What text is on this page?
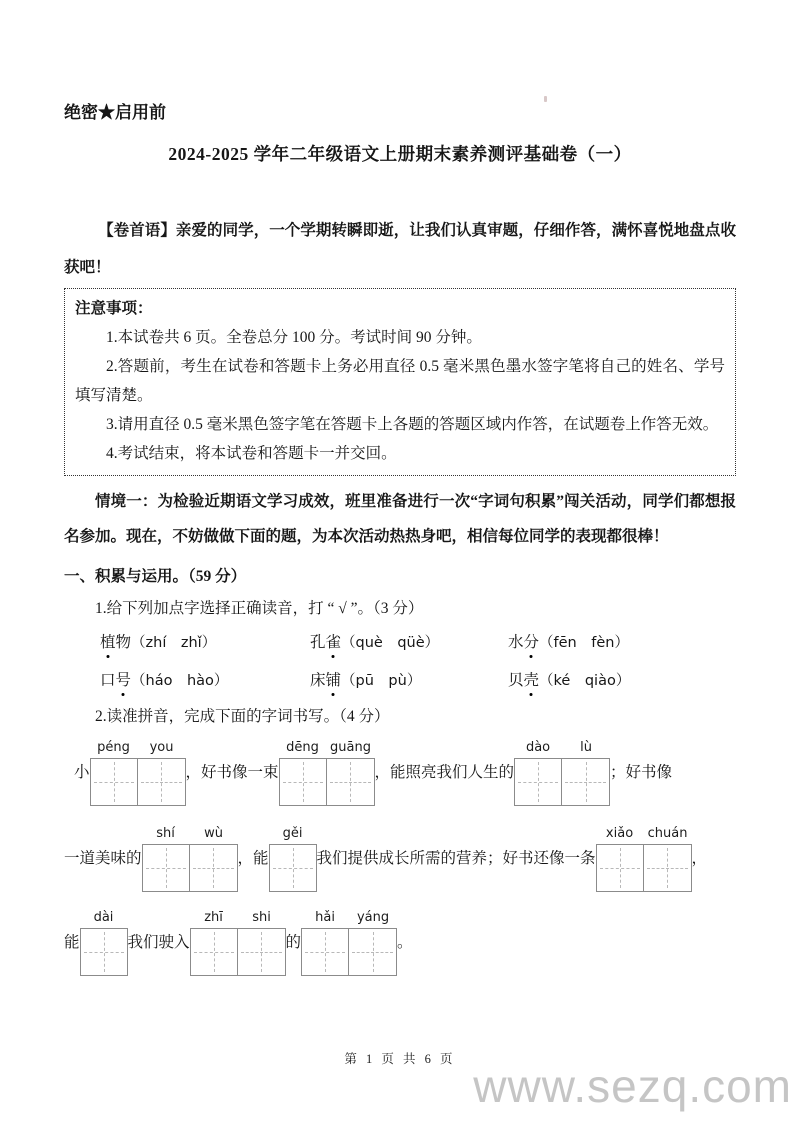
绝密★启用前
2024-2025 学年二年级语文上册期末素养测评基础卷（一）

【卷首语】亲爱的同学，一个学期转瞬即逝，让我们认真审题，仔细作答，满怀喜悦地盘点收获吧！

注意事项：

1.本试卷共 6 页。全卷总分 100 分。考试时间 90 分钟。

2.答题前，考生在试卷和答题卡上务必用直径 0.5 毫米黑色墨水签字笔将自己的姓名、学号填写清楚。

3.请用直径 0.5 毫米黑色签字笔在答题卡上各题的答题区域内作答，在试题卷上作答无效。

4.考试结束，将本试卷和答题卡一并交回。

情境一：为检验近期语文学习成效，班里准备进行一次“字词句积累”闯关活动，同学们都想报名参加。现在，不妨做做下面的题，为本次活动热热身吧，相信每位同学的表现都很棒！

一、积累与运用。（59 分）

1.给下列加点字选择正确读音，打 “ √ ”。（3 分）

植物（zhí　zhǐ）	孔雀（què　qüè）	水分（fēn　fèn）
口号（háo　hào）	床铺（pū　pù）	贝壳（ké　qiào）

2.读准拼音，完成下面的字词书写。（4 分）

小
péng	you
，好书像一束
dēng guāng
，能照亮我们人生的
dào	lù
；好书像
一道美味的
shí	wù
，能
gěi
我们提供成长所需的营养；好书还像一条
xiǎo	chuán
，
能
dài
我们驶入
zhī	shi
的
hǎi	yáng
。
第 1 页 共 6 页
www.sezq.com
